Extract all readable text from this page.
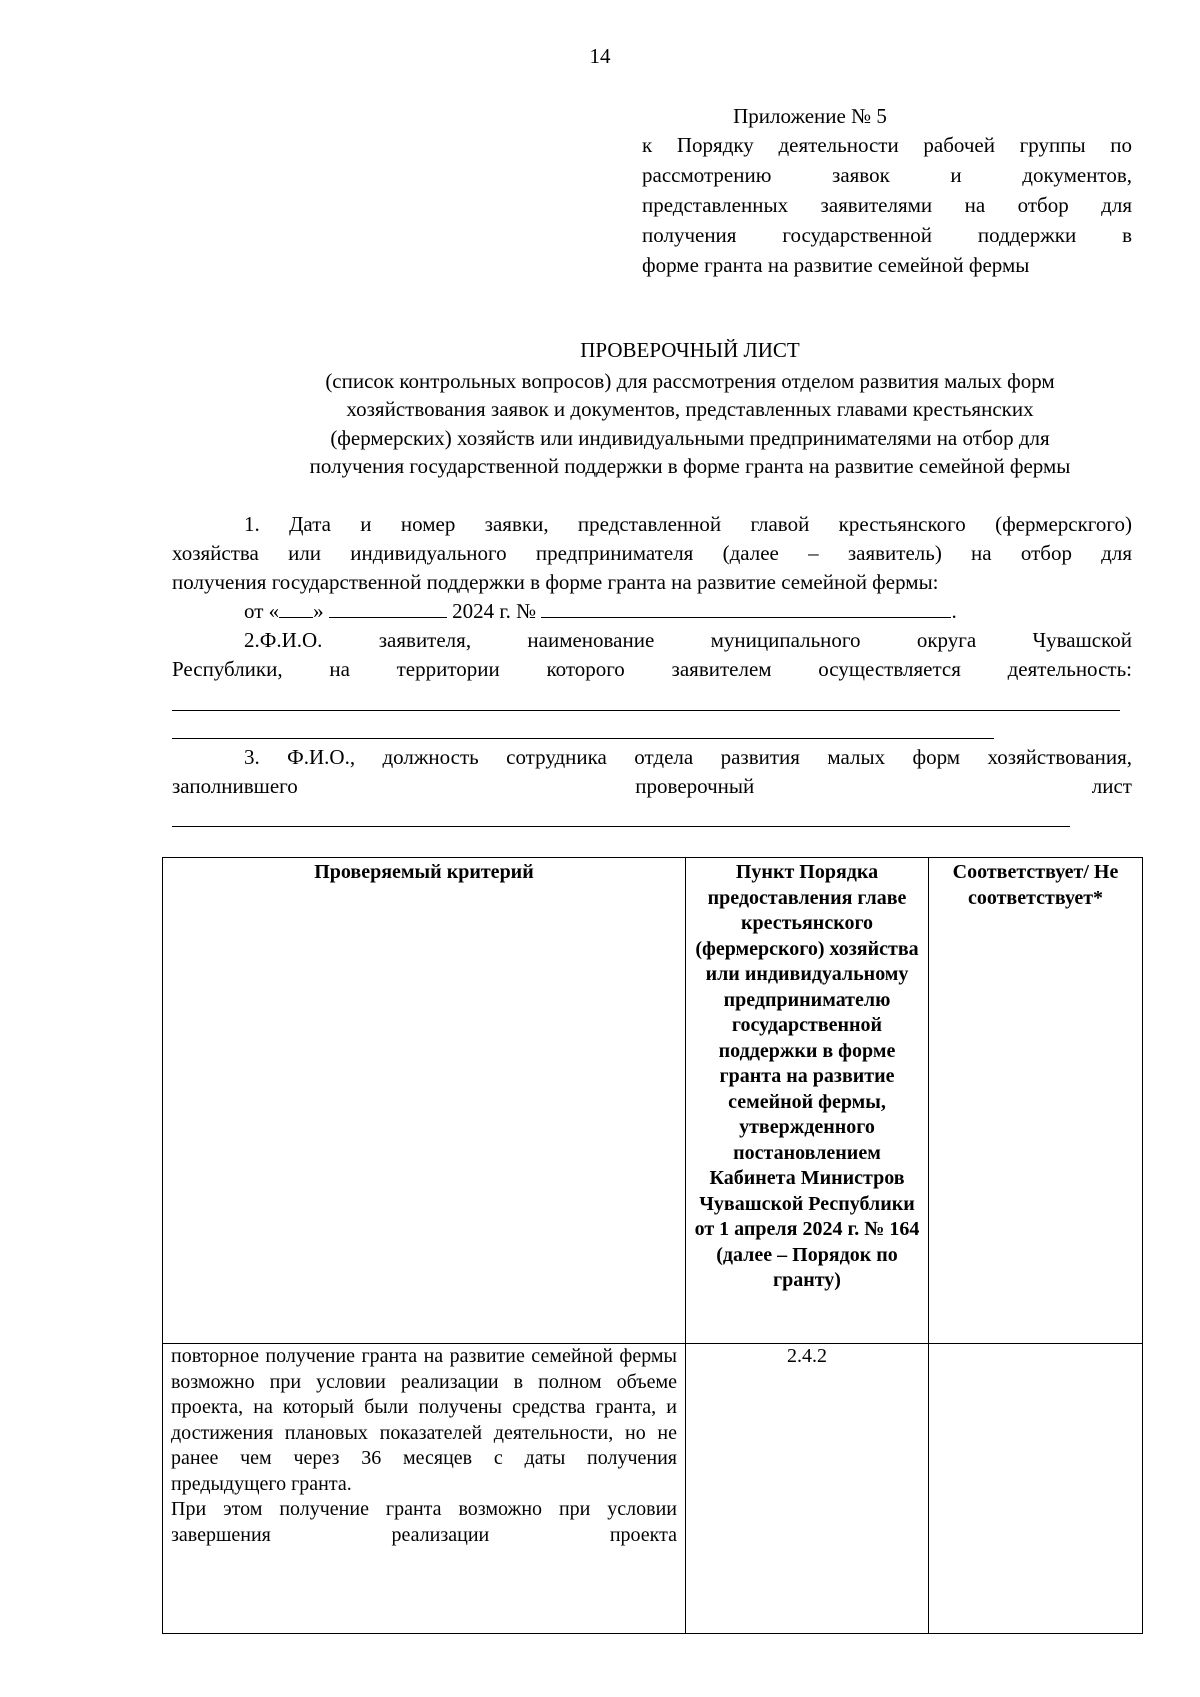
14
Приложение № 5
к Порядку деятельности рабочей группы по
рассмотрению заявок и документов,
представленных заявителями на отбор для
получения государственной поддержки в
форме гранта на развитие семейной фермы
ПРОВЕРОЧНЫЙ ЛИСТ
(список контрольных вопросов) для рассмотрения отделом развития малых форм
хозяйствования заявок и документов, представленных главами крестьянских
(фермерских) хозяйств или индивидуальными предпринимателями на отбор для
получения государственной поддержки в форме гранта на развитие семейной фермы
1. Дата и номер заявки, представленной главой крестьянского (фермерскгого)
хозяйства или индивидуального предпринимателя (далее – заявитель) на отбор для
получения государственной поддержки в форме гранта на развитие семейной фермы:
от « »	2024 г. №	.
2.Ф.И.О. заявителя, наименование муниципального округа Чувашской
Республики, на территории которого заявителем осуществляется деятельность:
3. Ф.И.О., должность сотрудника отдела развития малых форм хозяйствования,
заполнившего проверочный лист
Проверяемый критерий	Пункт Порядка предоставления главе крестьянского (фермерского) хозяйства или индивидуальному предпринимателю государственной поддержки в форме гранта на развитие семейной фермы, утвержденного постановлением Кабинета Министров Чувашской Республики от 1 апреля 2024 г. № 164 (далее – Порядок по гранту)	Соответствует/ Не соответствует*

повторное получение гранта на развитие семейной фермы возможно при условии реализации в полном объеме проекта, на который были получены средства гранта, и достижения плановых показателей деятельности, но не ранее чем через 36 месяцев с даты получения предыдущего гранта.
При этом получение гранта возможно при условии завершения реализации проекта	2.4.2	
